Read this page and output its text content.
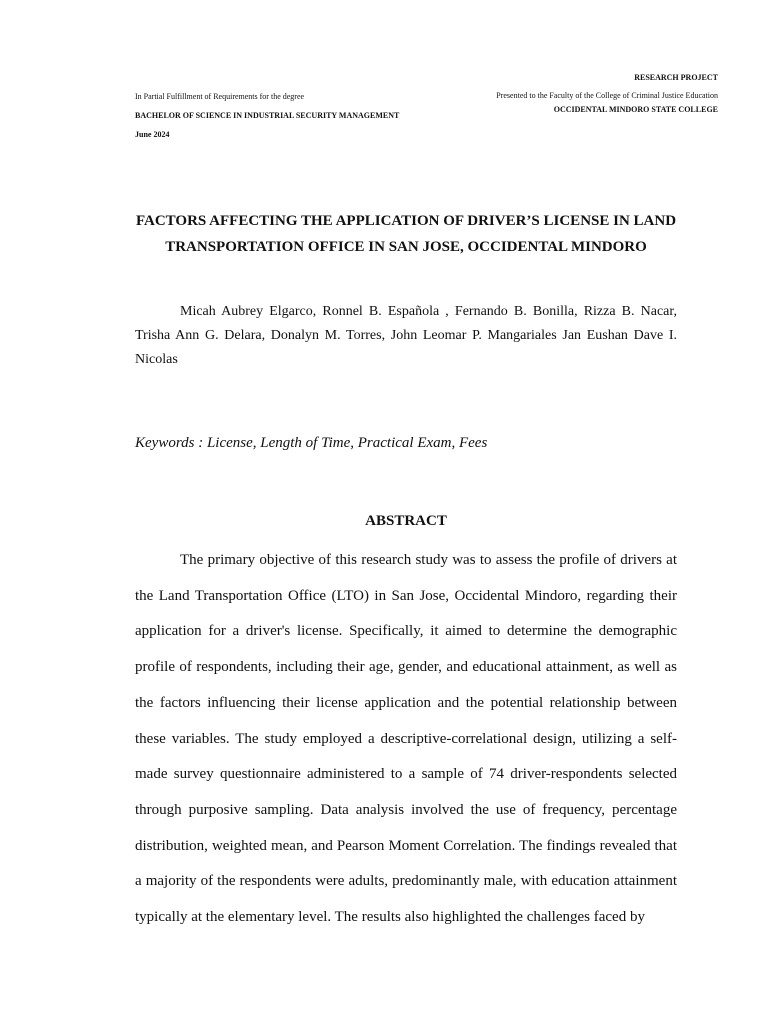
In Partial Fulfillment of Requirements for the degree

BACHELOR OF SCIENCE IN INDUSTRIAL SECURITY MANAGEMENT

June 2024

RESEARCH PROJECT

Presented to the Faculty of the College of Criminal Justice Education

OCCIDENTAL MINDORO STATE COLLEGE

FACTORS AFFECTING THE APPLICATION OF DRIVER’S LICENSE IN LAND TRANSPORTATION OFFICE IN SAN JOSE, OCCIDENTAL MINDORO

Micah Aubrey Elgarco, Ronnel B. Española , Fernando B. Bonilla, Rizza B. Nacar, Trisha Ann G. Delara, Donalyn M. Torres, John Leomar P. Mangariales Jan Eushan Dave I. Nicolas

Keywords : License, Length of Time, Practical Exam, Fees

ABSTRACT

The primary objective of this research study was to assess the profile of drivers at the Land Transportation Office (LTO) in San Jose, Occidental Mindoro, regarding their application for a driver's license. Specifically, it aimed to determine the demographic profile of respondents, including their age, gender, and educational attainment, as well as the factors influencing their license application and the potential relationship between these variables. The study employed a descriptive-correlational design, utilizing a self-made survey questionnaire administered to a sample of 74 driver-respondents selected through purposive sampling. Data analysis involved the use of frequency, percentage distribution, weighted mean, and Pearson Moment Correlation. The findings revealed that a majority of the respondents were adults, predominantly male, with education attainment typically at the elementary level. The results also highlighted the challenges faced by
